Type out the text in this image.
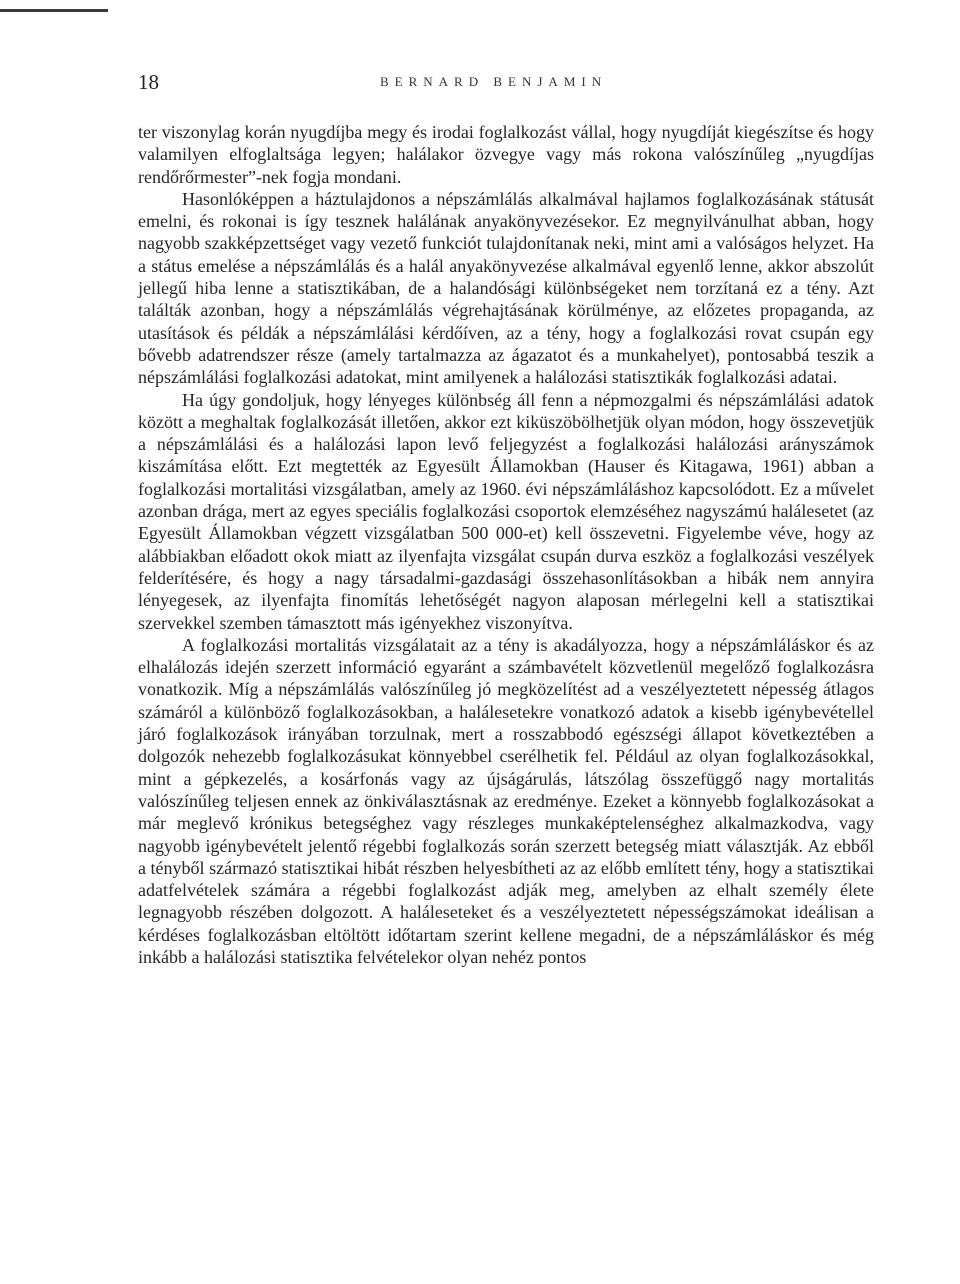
18	BERNARD BENJAMIN

ter viszonylag korán nyugdíjba megy és irodai foglalkozást vállal, hogy nyugdíját kiegészítse és hogy valamilyen elfoglaltsága legyen; halálakor özvegye vagy más rokona valószínűleg „nyugdíjas rendőrőrmester”-nek fogja mondani.

Hasonlóképpen a háztulajdonos a népszámlálás alkalmával hajlamos foglalkozásának státusát emelni, és rokonai is így tesznek halálának anyakönyvezésekor. Ez megnyilvánulhat abban, hogy nagyobb szakképzettséget vagy vezető funkciót tulajdonítanak neki, mint ami a valóságos helyzet. Ha a státus emelése a népszámlálás és a halál anyakönyvezése alkalmával egyenlő lenne, akkor abszolút jellegű hiba lenne a statisztikában, de a halandósági különbségeket nem torzítaná ez a tény. Azt találták azonban, hogy a népszámlálás végrehajtásának körülménye, az előzetes propaganda, az utasítások és példák a népszámlálási kérdőíven, az a tény, hogy a foglalkozási rovat csupán egy bővebb adatrendszer része (amely tartalmazza az ágazatot és a munkahelyet), pontosabbá teszik a népszámlálási foglalkozási adatokat, mint amilyenek a halálozási statisztikák foglalkozási adatai.

Ha úgy gondoljuk, hogy lényeges különbség áll fenn a népmozgalmi és népszámlálási adatok között a meghaltak foglalkozását illetően, akkor ezt kiküszöbölhetjük olyan módon, hogy összevetjük a népszámlálási és a halálozási lapon levő feljegyzést a foglalkozási halálozási arányszámok kiszámítása előtt. Ezt megtették az Egyesült Államokban (Hauser és Kitagawa, 1961) abban a foglalkozási mortalitási vizsgálatban, amely az 1960. évi népszámláláshoz kapcsolódott. Ez a művelet azonban drága, mert az egyes speciális foglalkozási csoportok elemzéséhez nagyszámú halálesetet (az Egyesült Államokban végzett vizsgálatban 500 000-et) kell összevetni. Figyelembe véve, hogy az alábbiakban előadott okok miatt az ilyenfajta vizsgálat csupán durva eszköz a foglalkozási veszélyek felderítésére, és hogy a nagy társadalmi-gazdasági összehasonlításokban a hibák nem annyira lényegesek, az ilyenfajta finomítás lehetőségét nagyon alaposan mérlegelni kell a statisztikai szervekkel szemben támasztott más igényekhez viszonyítva.

A foglalkozási mortalitás vizsgálatait az a tény is akadályozza, hogy a népszámláláskor és az elhalálozás idején szerzett információ egyaránt a számbavételt közvetlenül megelőző foglalkozásra vonatkozik. Míg a népszámlálás valószínűleg jó megközelítést ad a veszélyeztetett népesség átlagos számáról a különböző foglalkozásokban, a halálesetekre vonatkozó adatok a kisebb igénybevétellel járó foglalkozások irányában torzulnak, mert a rosszabbodó egészségi állapot következtében a dolgozók nehezebb foglalkozásukat könnyebbel cserélhetik fel. Például az olyan foglalkozásokkal, mint a gépkezelés, a kosárfonás vagy az újságárulás, látszólag összefüggő nagy mortalitás valószínűleg teljesen ennek az önkiválasztásnak az eredménye. Ezeket a könnyebb foglalkozásokat a már meglevő krónikus betegséghez vagy részleges munkaképtelenséghez alkalmazkodva, vagy nagyobb igénybevételt jelentő régebbi foglalkozás során szerzett betegség miatt választják. Az ebből a tényből származó statisztikai hibát részben helyesbítheti az az előbb említett tény, hogy a statisztikai adatfelvételek számára a régebbi foglalkozást adják meg, amelyben az elhalt személy élete legnagyobb részében dolgozott. A haláleseteket és a veszélyeztetett népességszámokat ideálisan a kérdéses foglalkozásban eltöltött időtartam szerint kellene megadni, de a népszámláláskor és még inkább a halálozási statisztika felvételekor olyan nehéz pontos
